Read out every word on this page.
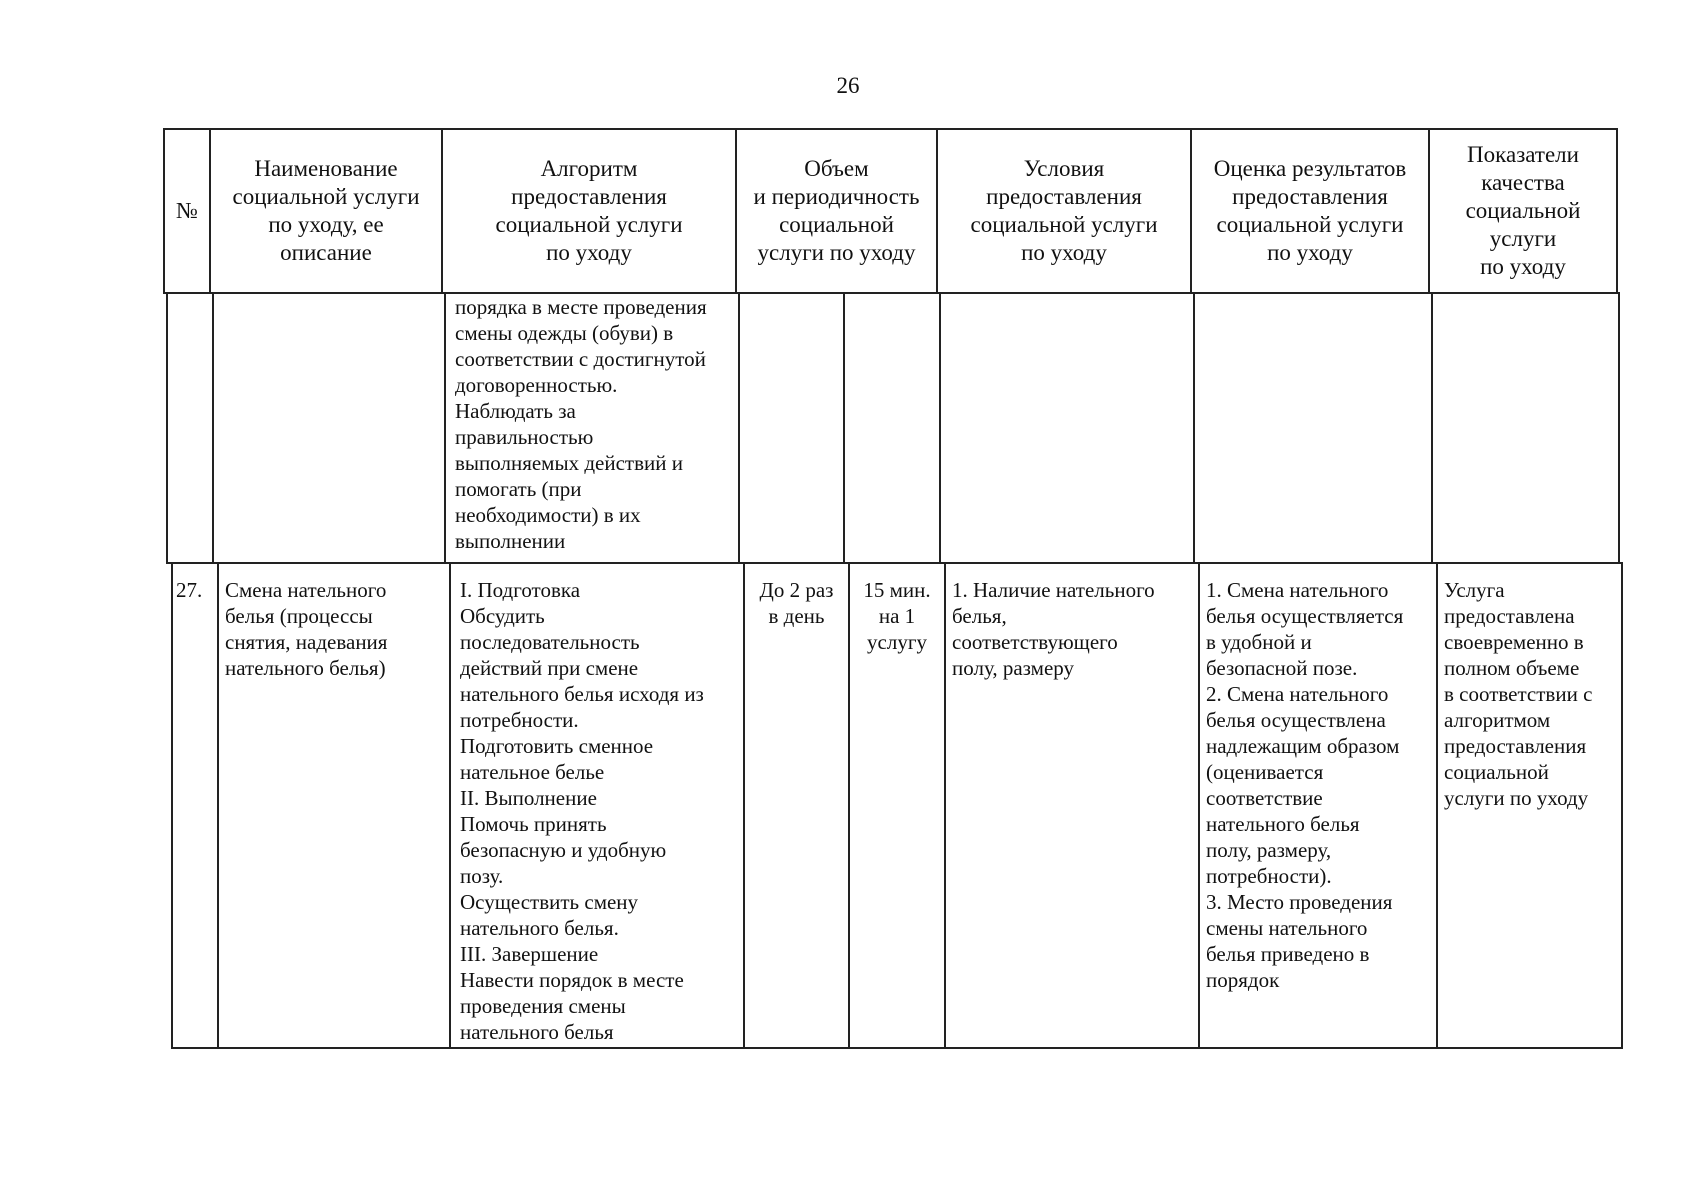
26
№
Наименование
социальной услуги
по уходу, ее
описание
Алгоритм
предоставления
социальной услуги
по уходу
Объем
и периодичность
социальной
услуги по уходу
Условия
предоставления
социальной услуги
по уходу
Оценка результатов
предоставления
социальной услуги
по уходу
Показатели
качества
социальной
услуги
по уходу
порядка в месте проведения
смены одежды (обуви) в
соответствии с достигнутой
договоренностью.
Наблюдать за
правильностью
выполняемых действий и
помогать (при
необходимости) в их
выполнении
27.	Смена нательного
белья (процессы
снятия, надевания
нательного белья)
I. Подготовка
Обсудить
последовательность
действий при смене
нательного белья исходя из
потребности.
Подготовить сменное
нательное белье
II. Выполнение
Помочь принять
безопасную и удобную
позу.
Осуществить смену
нательного белья.
III. Завершение
Навести порядок в месте
проведения смены
нательного белья
До 2 раз
в день
15 мин.
на 1
услугу
1. Наличие нательного
белья,
соответствующего
полу, размеру
1. Смена нательного
белья осуществляется
в удобной и
безопасной позе.
2. Смена нательного
белья осуществлена
надлежащим образом
(оценивается
соответствие
нательного белья
полу, размеру,
потребности).
3. Место проведения
смены нательного
белья приведено в
порядок
Услуга
предоставлена
своевременно в
полном объеме
в соответствии с
алгоритмом
предоставления
социальной
услуги по уходу
